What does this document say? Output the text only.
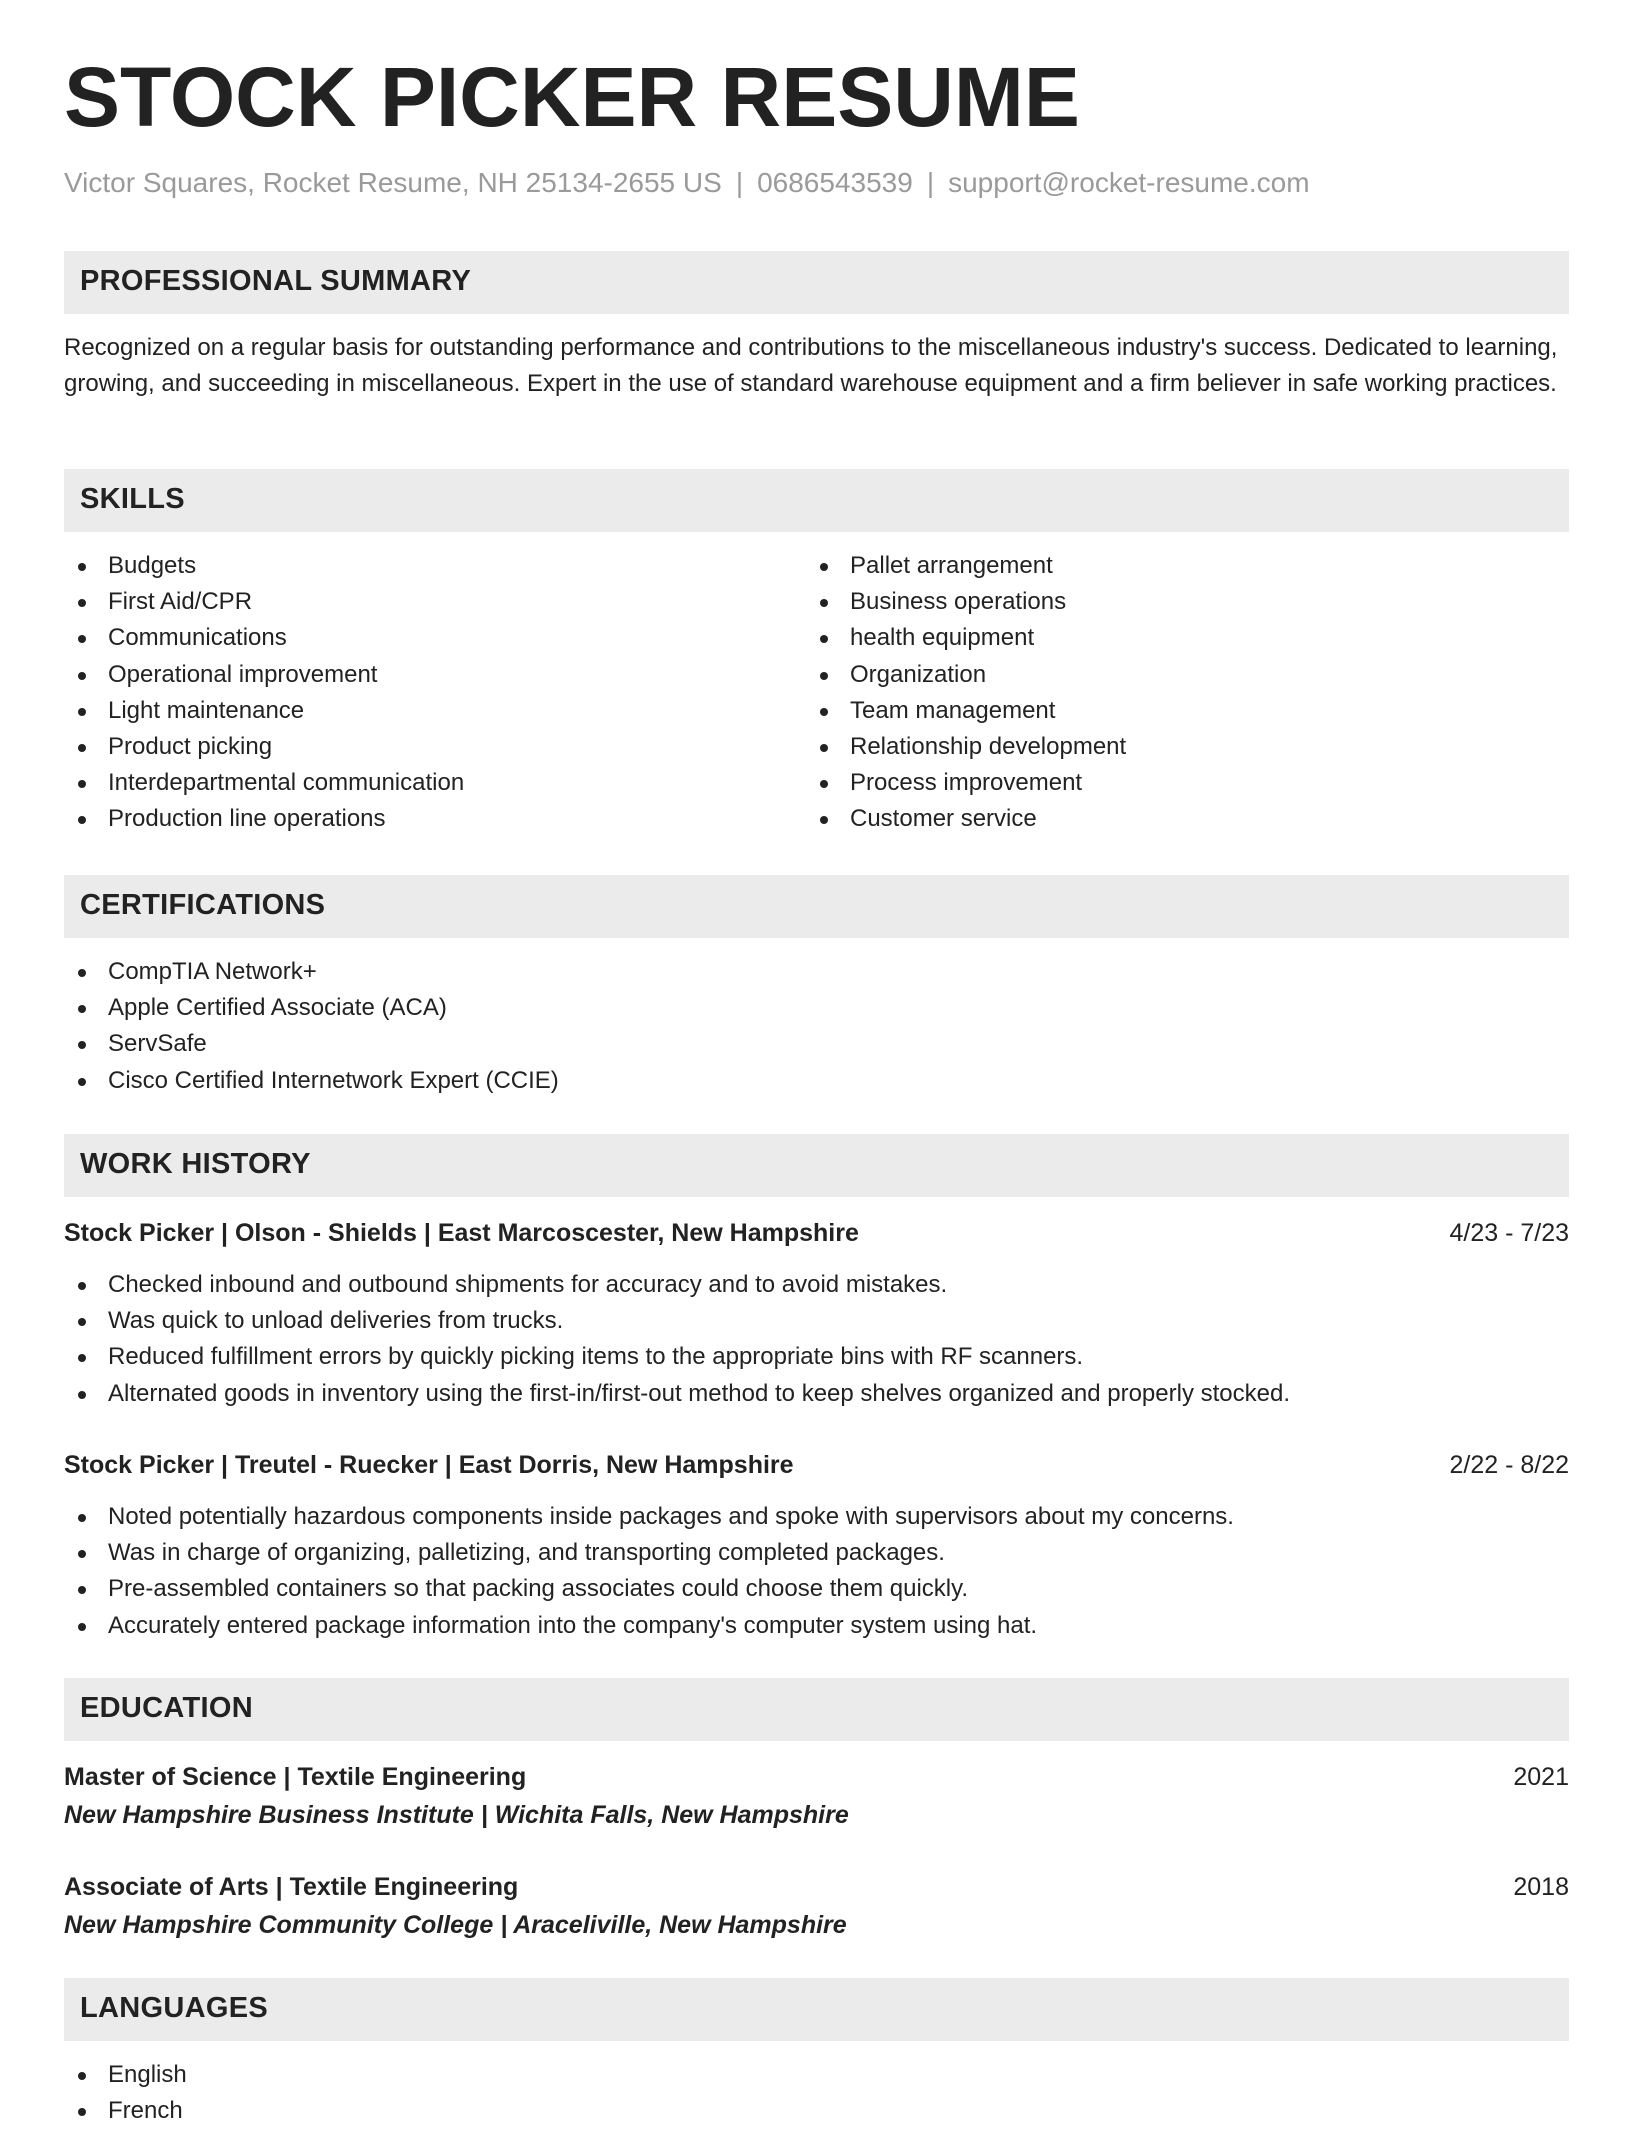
STOCK PICKER RESUME
Victor Squares, Rocket Resume, NH 25134-2655 US | 0686543539 | support@rocket-resume.com
PROFESSIONAL SUMMARY
Recognized on a regular basis for outstanding performance and contributions to the miscellaneous industry's success. Dedicated to learning, growing, and succeeding in miscellaneous. Expert in the use of standard warehouse equipment and a firm believer in safe working practices.
SKILLS
Budgets
First Aid/CPR
Communications
Operational improvement
Light maintenance
Product picking
Interdepartmental communication
Production line operations
Pallet arrangement
Business operations
health equipment
Organization
Team management
Relationship development
Process improvement
Customer service
CERTIFICATIONS
CompTIA Network+
Apple Certified Associate (ACA)
ServSafe
Cisco Certified Internetwork Expert (CCIE)
WORK HISTORY
Stock Picker | Olson - Shields | East Marcoscester, New Hampshire	4/23 - 7/23
Checked inbound and outbound shipments for accuracy and to avoid mistakes.
Was quick to unload deliveries from trucks.
Reduced fulfillment errors by quickly picking items to the appropriate bins with RF scanners.
Alternated goods in inventory using the first-in/first-out method to keep shelves organized and properly stocked.
Stock Picker | Treutel - Ruecker | East Dorris, New Hampshire	2/22 - 8/22
Noted potentially hazardous components inside packages and spoke with supervisors about my concerns.
Was in charge of organizing, palletizing, and transporting completed packages.
Pre-assembled containers so that packing associates could choose them quickly.
Accurately entered package information into the company's computer system using hat.
EDUCATION
Master of Science | Textile Engineering	2021
New Hampshire Business Institute | Wichita Falls, New Hampshire
Associate of Arts | Textile Engineering	2018
New Hampshire Community College | Araceliville, New Hampshire
LANGUAGES
English
French
